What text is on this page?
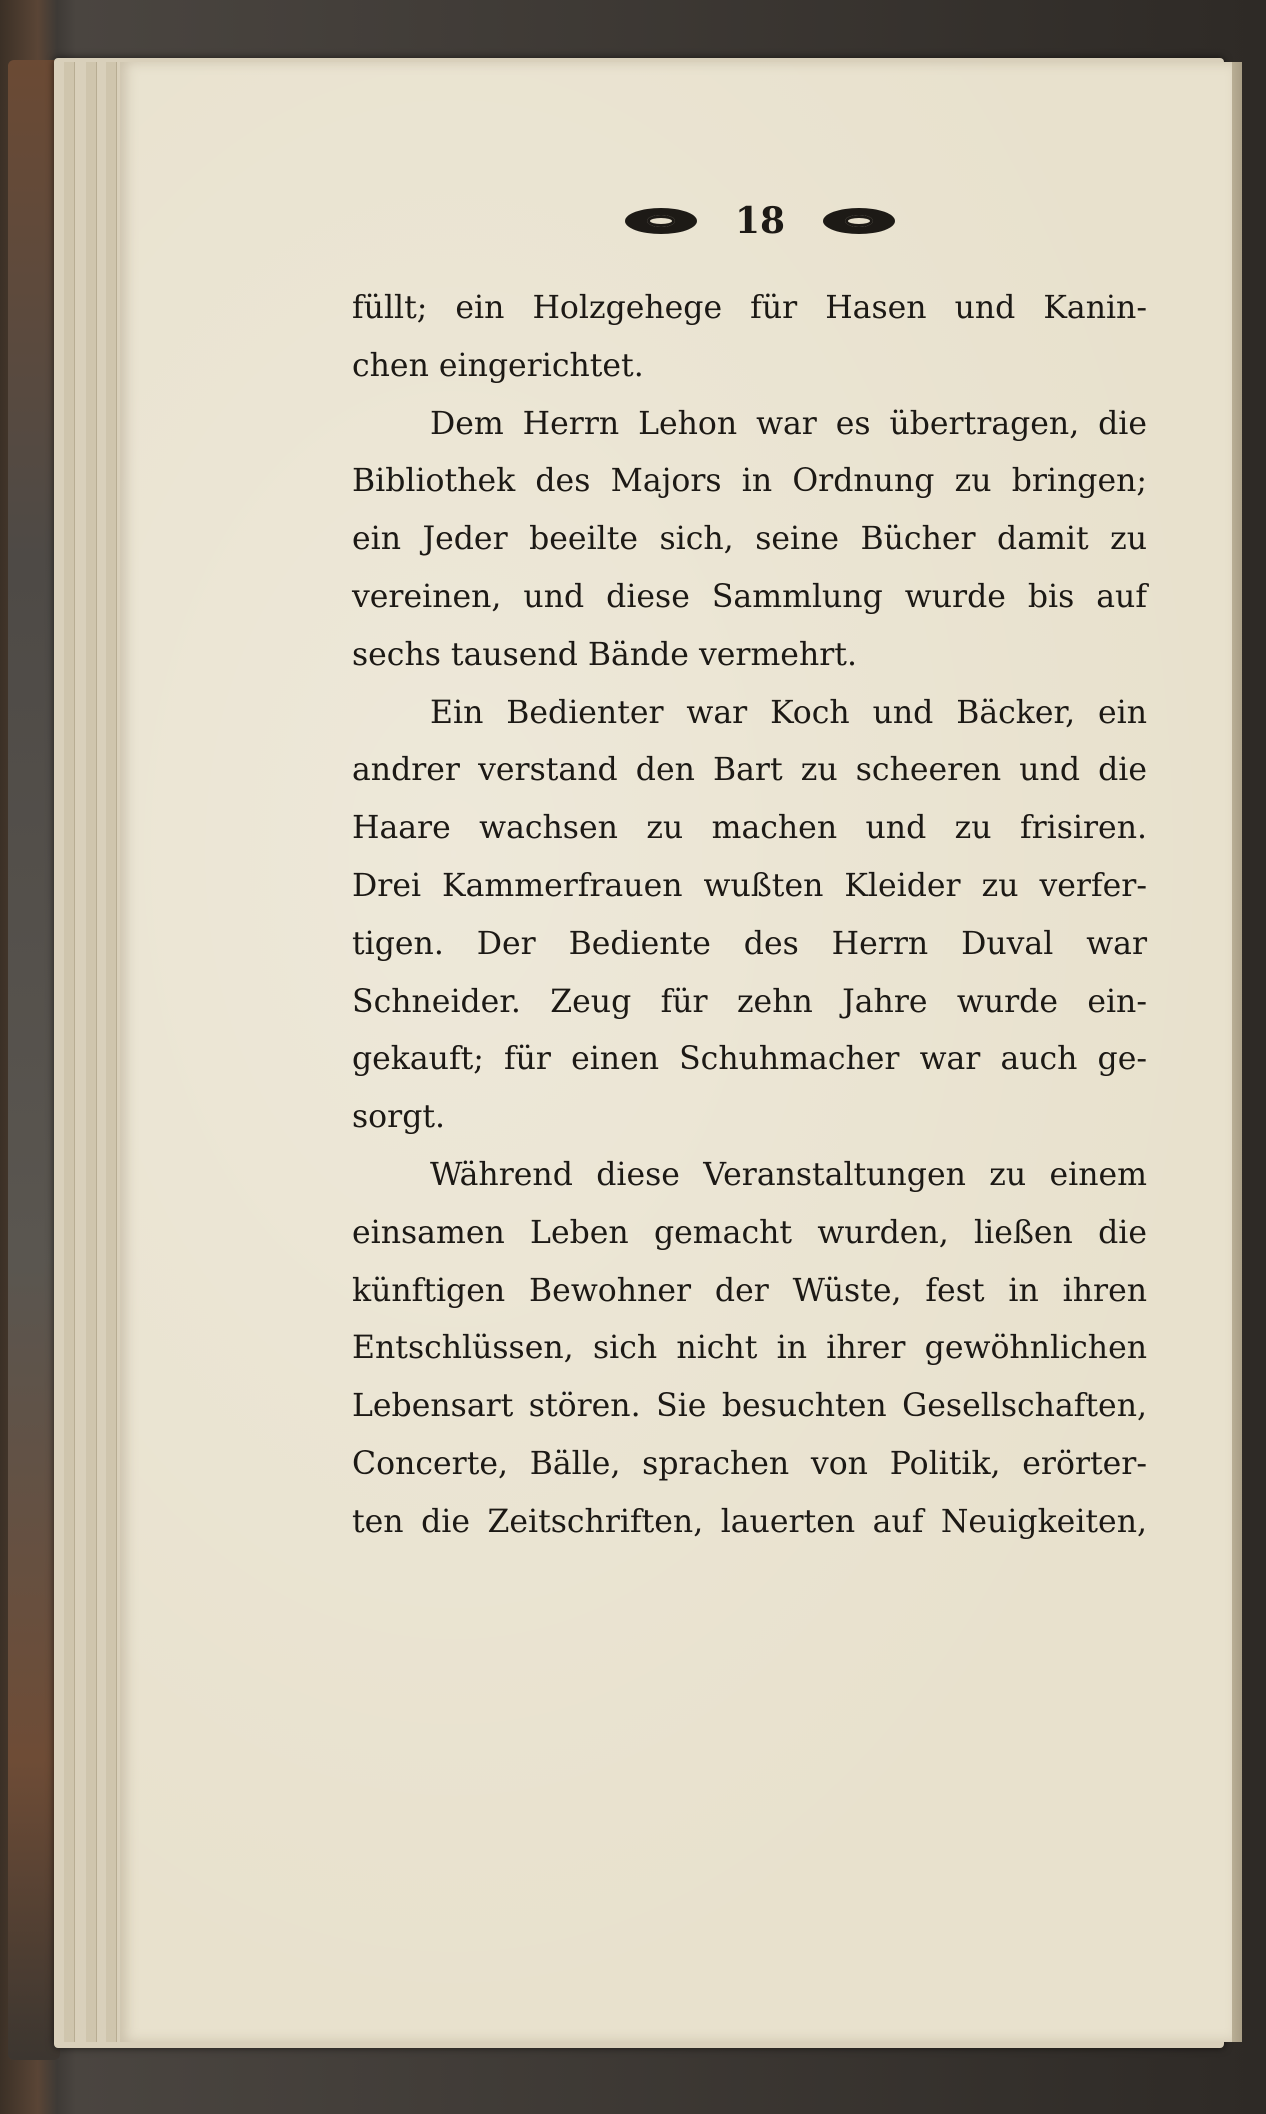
18
füllt; ein Holzgehege für Hasen und Kanin-
chen eingerichtet.
Dem Herrn Lehon war es übertragen, die
Bibliothek des Majors in Ordnung zu bringen;
ein Jeder beeilte sich, seine Bücher damit zu
vereinen, und diese Sammlung wurde bis auf
sechs tausend Bände vermehrt.
Ein Bedienter war Koch und Bäcker, ein
andrer verstand den Bart zu scheeren und die
Haare wachsen zu machen und zu frisiren.
Drei Kammerfrauen wußten Kleider zu verfer-
tigen. Der Bediente des Herrn Duval war
Schneider. Zeug für zehn Jahre wurde ein-
gekauft; für einen Schuhmacher war auch ge-
sorgt.
Während diese Veranstaltungen zu einem
einsamen Leben gemacht wurden, ließen die
künftigen Bewohner der Wüste, fest in ihren
Entschlüssen, sich nicht in ihrer gewöhnlichen
Lebensart stören. Sie besuchten Gesellschaften,
Concerte, Bälle, sprachen von Politik, erörter-
ten die Zeitschriften, lauerten auf Neuigkeiten,
